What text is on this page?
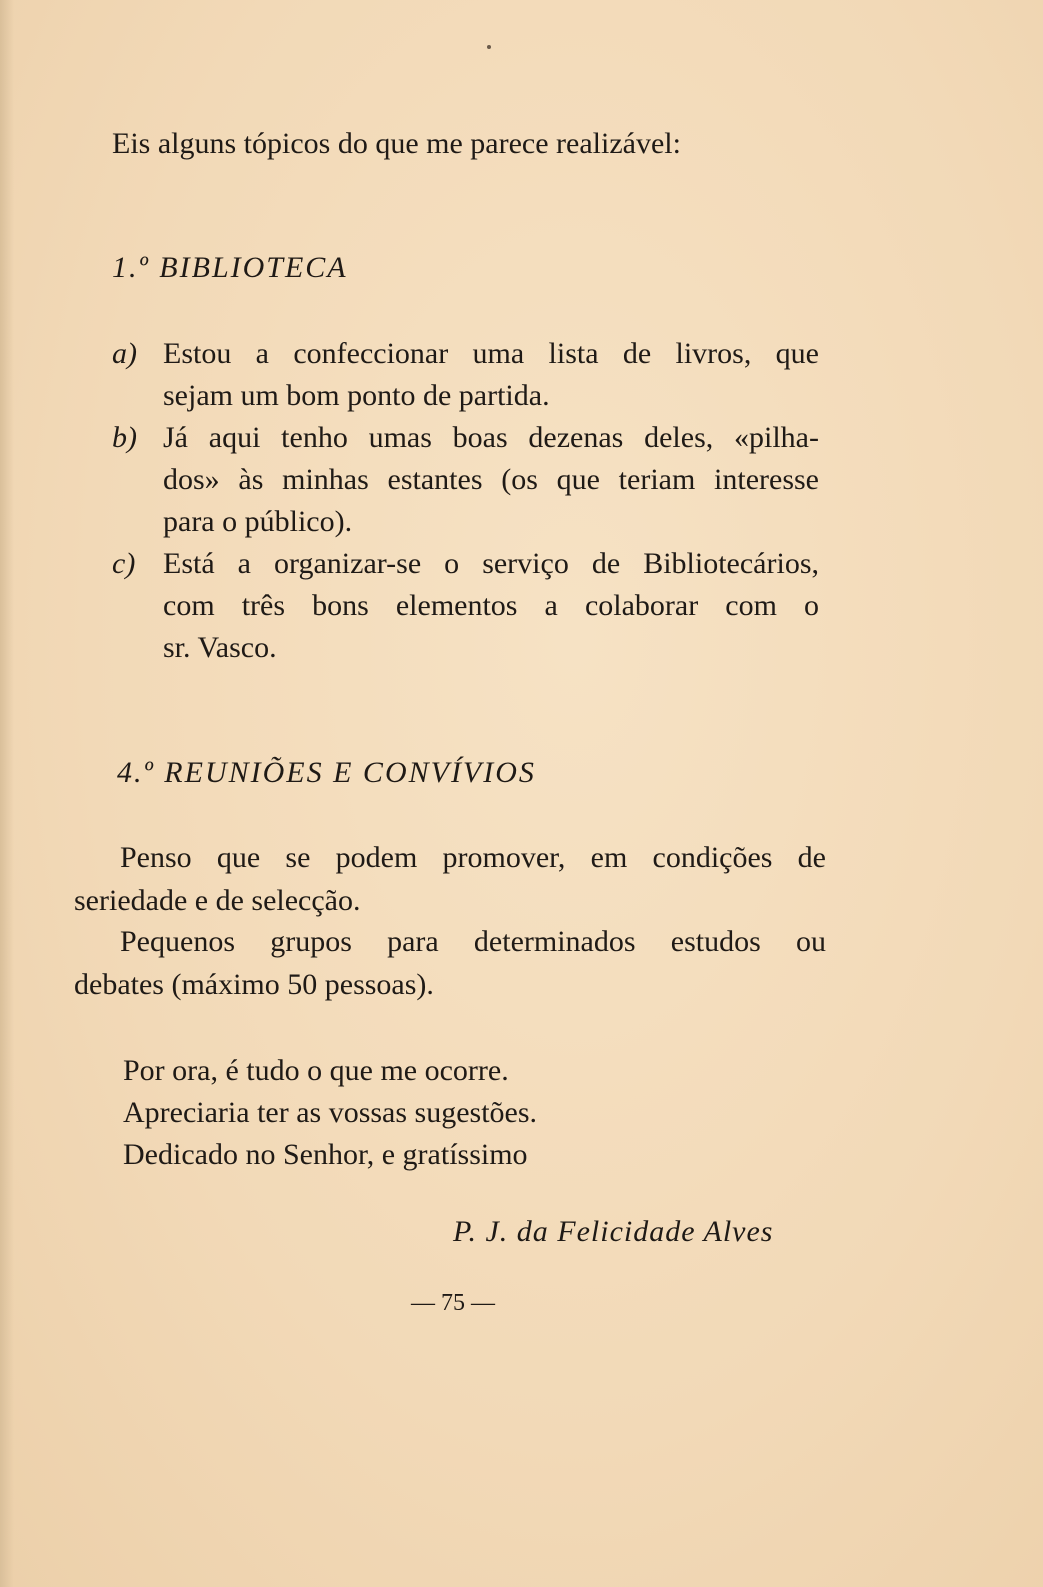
Eis alguns tópicos do que me parece realizável:
1.º BIBLIOTECA
a) Estou a confeccionar uma lista de livros, que
sejam um bom ponto de partida.
b) Já aqui tenho umas boas dezenas deles, «pilha-
dos» às minhas estantes (os que teriam interesse
para o público).
c) Está a organizar-se o serviço de Bibliotecários,
com três bons elementos a colaborar com o
sr. Vasco.
4.º REUNIÕES E CONVÍVIOS
Penso que se podem promover, em condições de
seriedade e de selecção.
Pequenos grupos para determinados estudos ou
debates (máximo 50 pessoas).
Por ora, é tudo o que me ocorre.
Apreciaria ter as vossas sugestões.
Dedicado no Senhor, e gratíssimo
P. J. da Felicidade Alves
— 75 —
